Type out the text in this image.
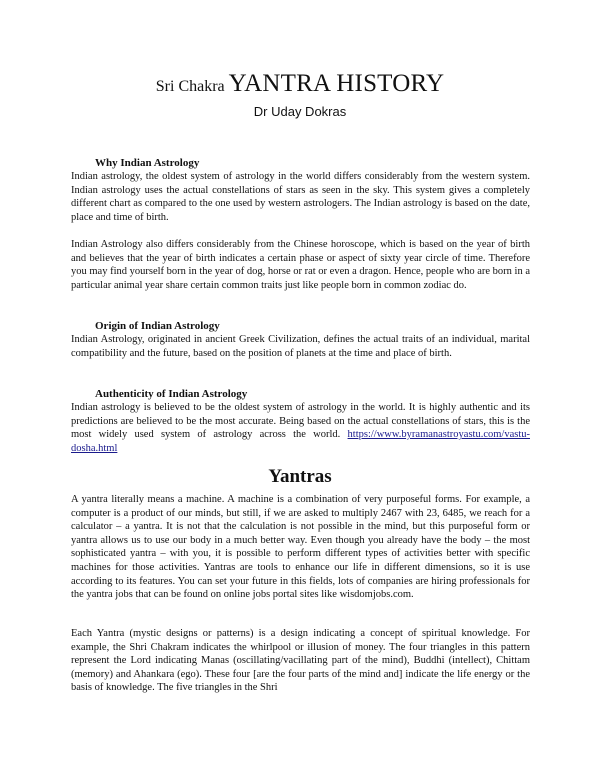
Sri Chakra YANTRA HISTORY
Dr Uday Dokras
Why Indian Astrology

Indian astrology, the oldest system of astrology in the world differs considerably from the western system. Indian astrology uses the actual constellations of stars as seen in the sky. This system gives a completely different chart as compared to the one used by western astrologers. The Indian astrology is based on the date, place and time of birth.

Indian Astrology also differs considerably from the Chinese horoscope, which is based on the year of birth and believes that the year of birth indicates a certain phase or aspect of sixty year circle of time. Therefore you may find yourself born in the year of dog, horse or rat or even a dragon. Hence, people who are born in a particular animal year share certain common traits just like people born in common zodiac do.

Origin of Indian Astrology

Indian Astrology, originated in ancient Greek Civilization, defines the actual traits of an individual, marital compatibility and the future, based on the position of planets at the time and place of birth.

Authenticity of Indian Astrology
Indian astrology is believed to be the oldest system of astrology in the world. It is highly authentic and its predictions are believed to be the most accurate. Being based on the actual constellations of stars, this is the most widely used system of astrology across the world. https://www.byramanastroyastu.com/vastu-dosha.html
Yantras

A yantra literally means a machine. A machine is a combination of very purposeful forms. For example, a computer is a product of our minds, but still, if we are asked to multiply 2467 with 23, 6485, we reach for a calculator – a yantra. It is not that the calculation is not possible in the mind, but this purposeful form or yantra allows us to use our body in a much better way. Even though you already have the body – the most sophisticated yantra – with you, it is possible to perform different types of activities better with specific machines for those activities. Yantras are tools to enhance our life in different dimensions, so it is use according to its features. You can set your future in this fields, lots of companies are hiring professionals for the yantra jobs that can be found on online jobs portal sites like wisdomjobs.com.

Each Yantra (mystic designs or patterns) is a design indicating a concept of spiritual knowledge. For example, the Shri Chakram indicates the whirlpool or illusion of money. The four triangles in this pattern represent the Lord indicating Manas (oscillating/vacillating part of the mind), Buddhi (intellect), Chittam (memory) and Ahankara (ego). These four [are the four parts of the mind and] indicate the life energy or the basis of knowledge. The five triangles in the Shri
